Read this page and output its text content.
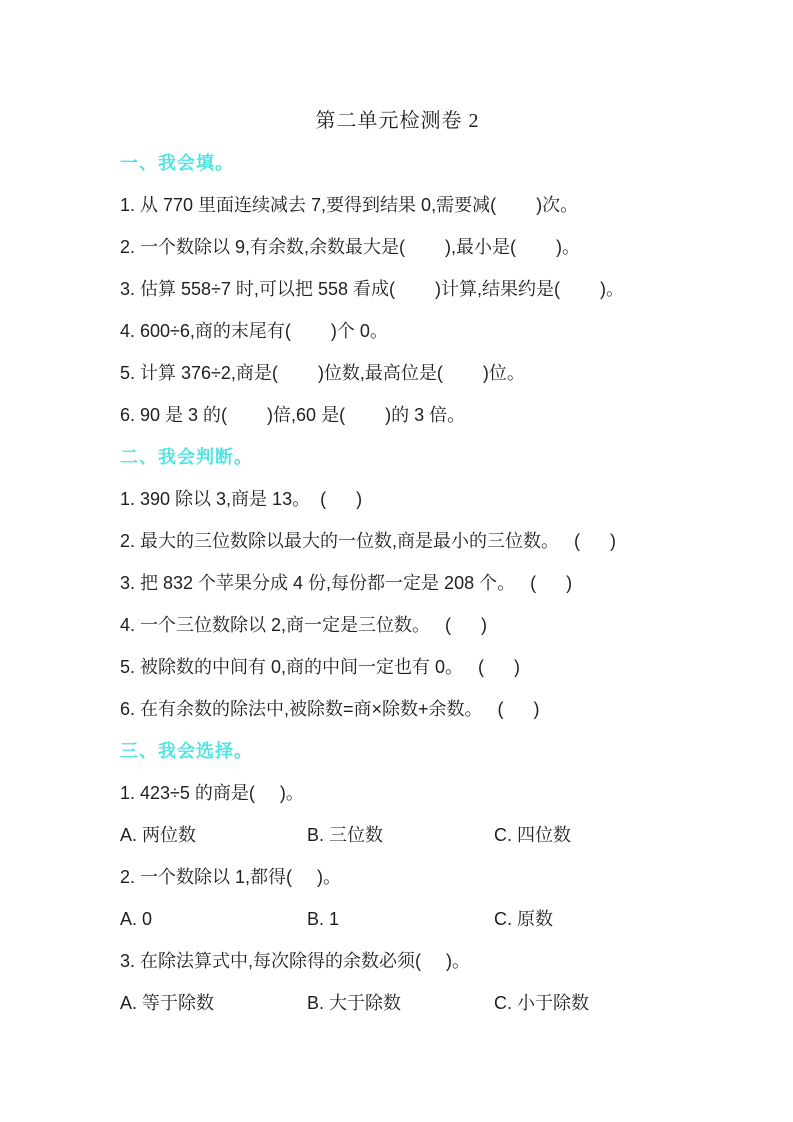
第二单元检测卷 2
一、我会填。

1. 从 770 里面连续减去 7,要得到结果 0,需要减(        )次。

2. 一个数除以 9,有余数,余数最大是(        ),最小是(        )。

3. 估算 558÷7 时,可以把 558 看成(        )计算,结果约是(        )。

4. 600÷6,商的末尾有(        )个 0。

5. 计算 376÷2,商是(        )位数,最高位是(        )位。

6. 90 是 3 的(        )倍,60 是(        )的 3 倍。

二、我会判断。

1. 390 除以 3,商是 13。  (      )

2. 最大的三位数除以最大的一位数,商是最小的三位数。   (      )

3. 把 832 个苹果分成 4 份,每份都一定是 208 个。   (      )

4. 一个三位数除以 2,商一定是三位数。   (      )

5. 被除数的中间有 0,商的中间一定也有 0。   (      )

6. 在有余数的除法中,被除数=商×除数+余数。   (      )

三、我会选择。

1. 423÷5 的商是(     )。

A. 两位数	B. 三位数	C. 四位数

2. 一个数除以 1,都得(     )。

A. 0	B. 1	C. 原数

3. 在除法算式中,每次除得的余数必须(     )。

A. 等于除数	B. 大于除数	C. 小于除数
